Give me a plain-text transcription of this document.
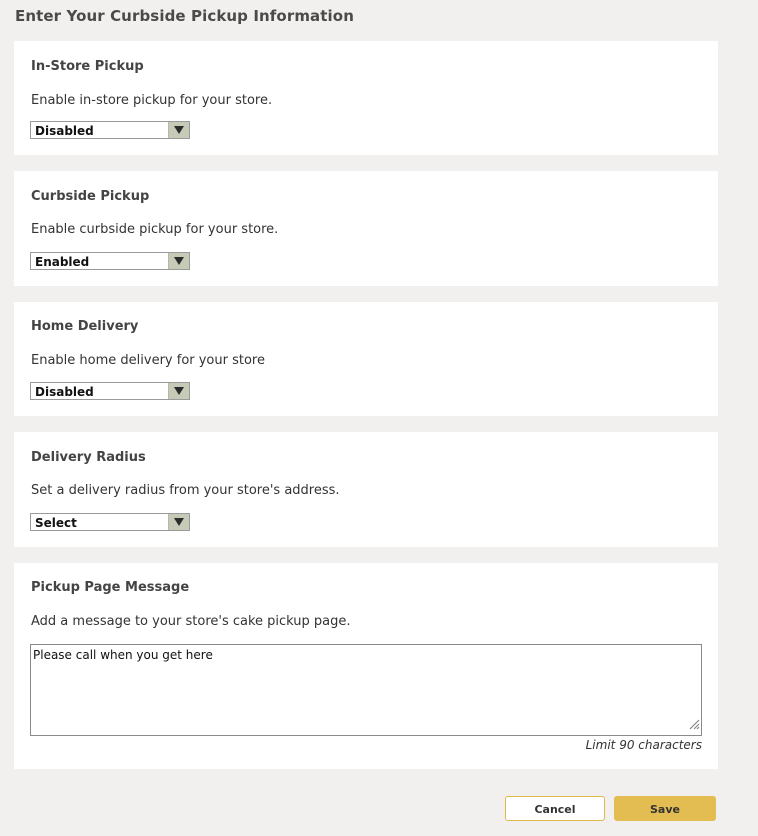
Enter Your Curbside Pickup Information
In-Store Pickup
Enable in-store pickup for your store.
Disabled
Curbside Pickup
Enable curbside pickup for your store.
Enabled
Home Delivery
Enable home delivery for your store
Disabled
Delivery Radius
Set a delivery radius from your store's address.
Select
Pickup Page Message
Add a message to your store's cake pickup page.
Please call when you get here
Limit 90 characters
Cancel	Save
